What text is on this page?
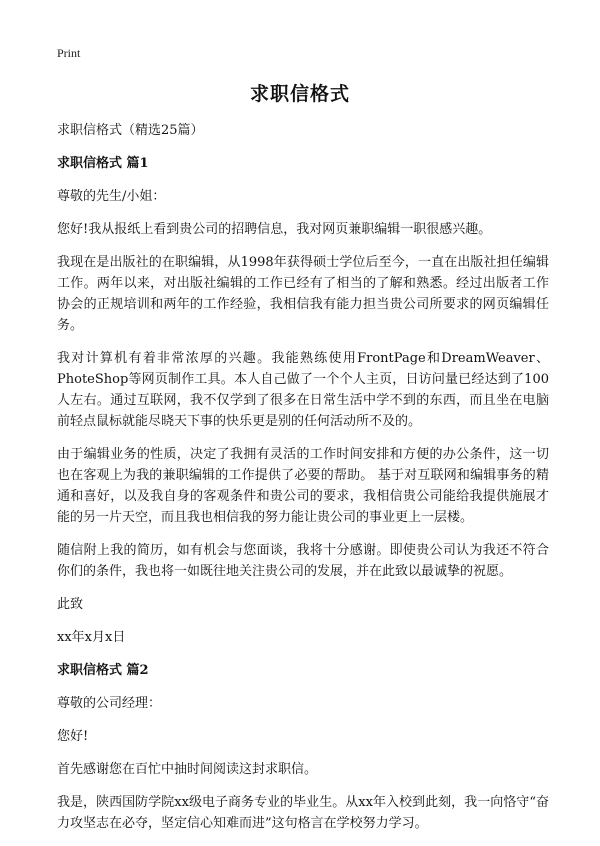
Print
求职信格式

求职信格式（精选25篇）

求职信格式 篇1

尊敬的先生/小姐：

您好!我从报纸上看到贵公司的招聘信息，我对网页兼职编辑一职很感兴趣。

我现在是出版社的在职编辑，从1998年获得硕士学位后至今，一直在出版社担任编辑工作。两年以来，对出版社编辑的工作已经有了相当的了解和熟悉。经过出版者工作协会的正规培训和两年的工作经验，我相信我有能力担当贵公司所要求的网页编辑任务。

我对计算机有着非常浓厚的兴趣。我能熟练使用FrontPage和DreamWeaver、PhoteShop等网页制作工具。本人自己做了一个个人主页，日访问量已经达到了100人左右。通过互联网，我不仅学到了很多在日常生活中学不到的东西，而且坐在电脑前轻点鼠标就能尽晓天下事的快乐更是别的任何活动所不及的。

由于编辑业务的性质，决定了我拥有灵活的工作时间安排和方便的办公条件，这一切也在客观上为我的兼职编辑的工作提供了必要的帮助。 基于对互联网和编辑事务的精通和喜好，以及我自身的客观条件和贵公司的要求，我相信贵公司能给我提供施展才能的另一片天空，而且我也相信我的努力能让贵公司的事业更上一层楼。

随信附上我的简历，如有机会与您面谈，我将十分感谢。即使贵公司认为我还不符合你们的条件，我也将一如既往地关注贵公司的发展，并在此致以最诚挚的祝愿。

此致

xx年x月x日

求职信格式 篇2

尊敬的公司经理：

您好!

首先感谢您在百忙中抽时间阅读这封求职信。

我是，陕西国防学院xx级电子商务专业的毕业生。从xx年入校到此刻，我一向恪守“奋力攻坚志在必夺，坚定信心知难而进”这句格言在学校努力学习。
